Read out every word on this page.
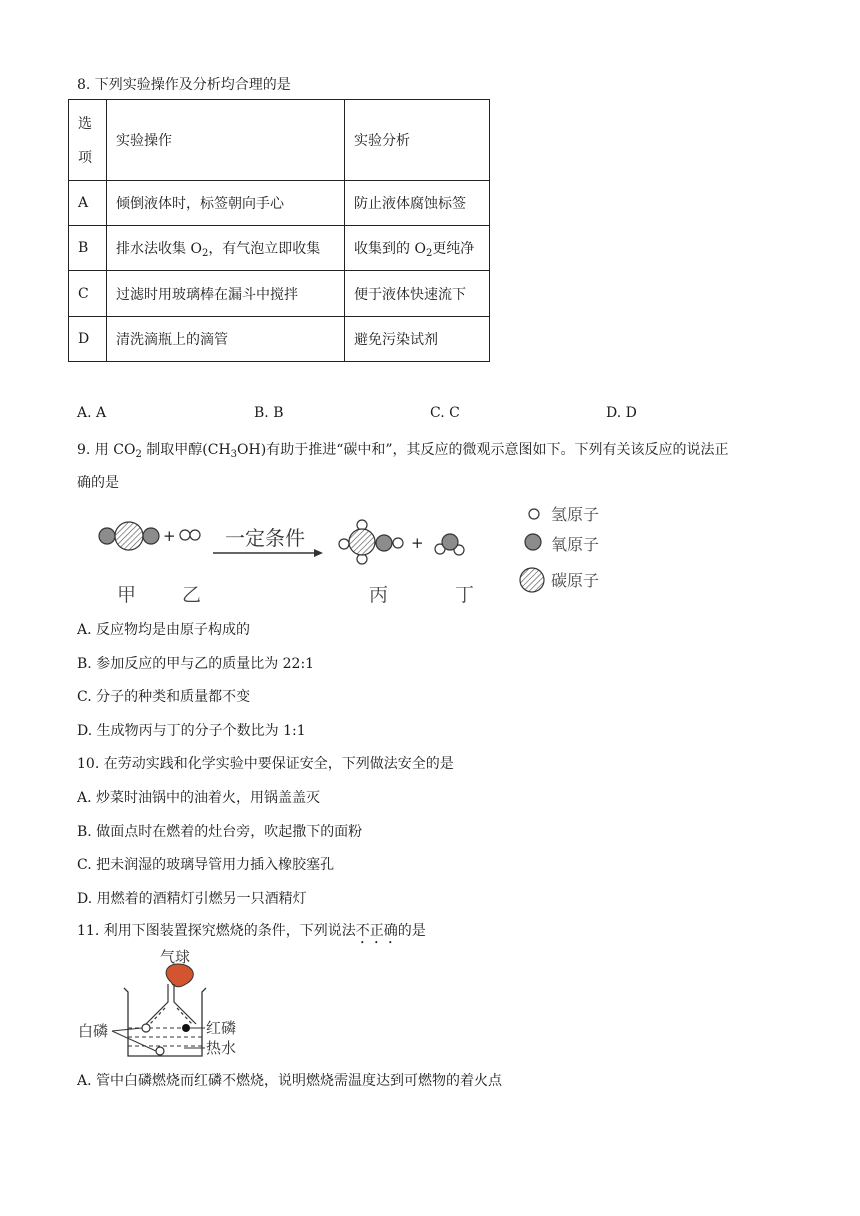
8. 下列实验操作及分析均合理的是
选
项	实验操作	实验分析
A	倾倒液体时，标签朝向手心	防止液体腐蚀标签
B	排水法收集 $O_2$，有气泡立即收集	收集到的 $O_2$更纯净
C	过滤时用玻璃棒在漏斗中搅拌	便于液体快速流下
D	清洗滴瓶上的滴管	避免污染试剂
A. A	B. B	C. C	D. D
9. 用 $CO_2$ 制取甲醇$(CH_3OH)$有助于推进“碳中和”，其反应的微观示意图如下。下列有关该反应的说法正
确的是
+ 一定条件	+
甲 乙	丙	丁
氢原子
氧原子
碳原子
A. 反应物均是由原子构成的
B. 参加反应的甲与乙的质量比为 22:1
C. 分子的种类和质量都不变
D. 生成物丙与丁的分子个数比为 1:1
10. 在劳动实践和化学实验中要保证安全，下列做法安全的是
A. 炒菜时油锅中的油着火，用锅盖盖灭
B. 做面点时在燃着的灶台旁，吹起撒下的面粉
C. 把未润湿的玻璃导管用力插入橡胶塞孔
D. 用燃着的酒精灯引燃另一只酒精灯
11. 利用下图装置探究燃烧的条件，下列说法不正确的是
气球
白磷	红磷
热水
A. 管中白磷燃烧而红磷不燃烧，说明燃烧需温度达到可燃物的着火点
